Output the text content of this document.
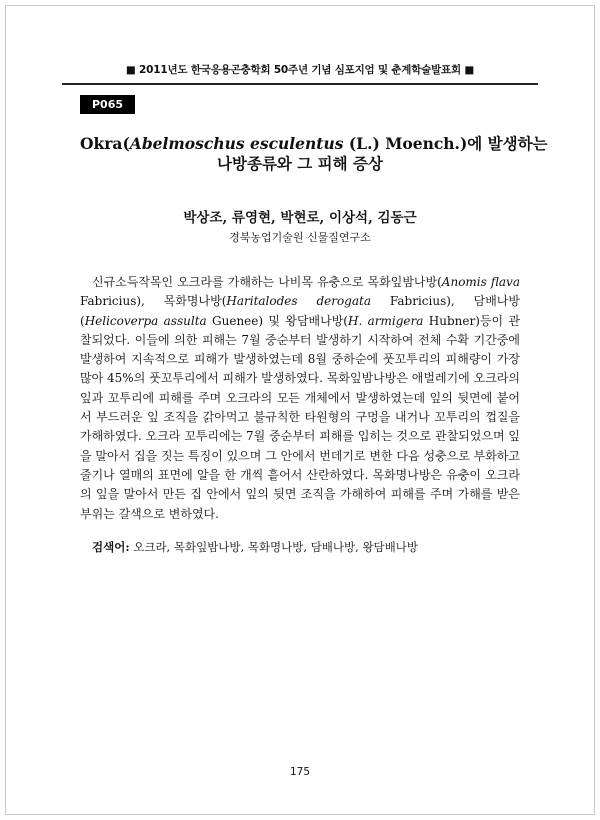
■ 2011년도 한국응용곤충학회 50주년 기념 심포지엄 및 춘계학술발표회 ■
P065
Okra(Abelmoschus esculentus (L.) Moench.)에 발생하는
나방종류와 그 피해 증상
박상조, 류영현, 박현로, 이상석, 김동근
경북농업기술원 신물질연구소

신규소득작목인 오크라를 가해하는 나비목 유충으로 목화잎밤나방(Anomis flava Fabricius), 목화명나방(Haritalodes derogata Fabricius), 담배나방(Helicoverpa assulta Guenee) 및 왕담배나방(H. armigera Hubner)등이 관찰되었다. 이들에 의한 피해는 7월 중순부터 발생하기 시작하여 전체 수확 기간중에 발생하여 지속적으로 피해가 발생하였는데 8월 중하순에 풋꼬투리의 피해량이 가장 많아 45%의 풋꼬투리에서 피해가 발생하였다. 목화잎밤나방은 애벌레기에 오크라의 잎과 꼬투리에 피해를 주며 오크라의 모든 개체에서 발생하였는데 잎의 뒷면에 붙어서 부드러운 잎 조직을 갉아먹고 불규칙한 타원형의 구멍을 내거나 꼬투리의 껍질을 가해하였다. 오크라 꼬투리에는 7월 중순부터 피해를 입히는 것으로 관찰되었으며 잎을 말아서 집을 짓는 특징이 있으며 그 안에서 번데기로 변한 다음 성충으로 부화하고 줄기나 열매의 표면에 알을 한 개씩 흩어서 산란하였다. 목화명나방은 유충이 오크라의 잎을 말아서 만든 집 안에서 잎의 뒷면 조직을 가해하여 피해를 주며 가해를 받은 부위는 갈색으로 변하였다.

검색어: 오크라, 목화잎밤나방, 목화명나방, 담배나방, 왕담배나방
175
